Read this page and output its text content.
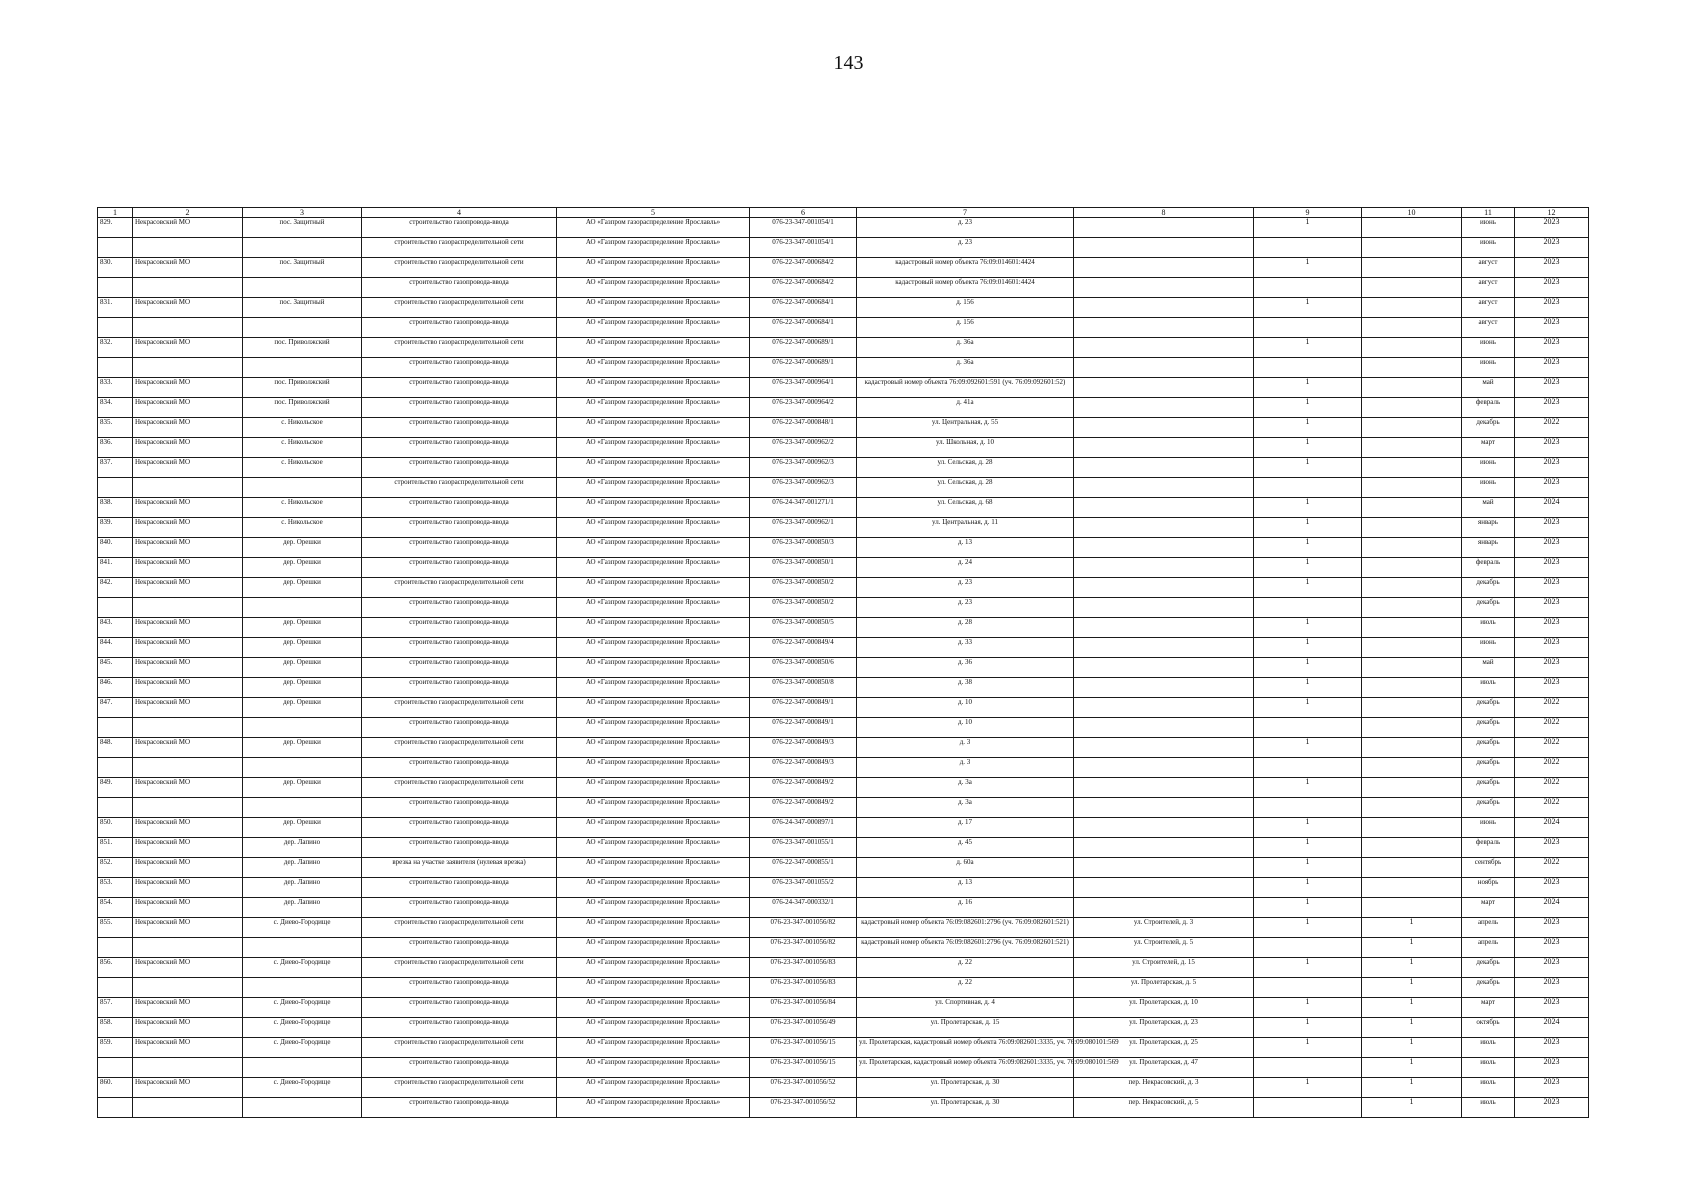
143
1	2	3	4	5	6	7	8	9	10	11	12
829.	Некрасовский МО	пос. Защитный	строительство газопровода-ввода	АО «Газпром газораспределение Ярославль»	076-23-347-001054/1	д. 23		1		июнь	2023
			строительство газораспределительной сети	АО «Газпром газораспределение Ярославль»	076-23-347-001054/1	д. 23				июнь	2023
830.	Некрасовский МО	пос. Защитный	строительство газораспределительной сети	АО «Газпром газораспределение Ярославль»	076-22-347-000684/2	кадастровый номер объекта 76:09:014601:4424		1		август	2023
			строительство газопровода-ввода	АО «Газпром газораспределение Ярославль»	076-22-347-000684/2	кадастровый номер объекта 76:09:014601:4424				август	2023
831.	Некрасовский МО	пос. Защитный	строительство газораспределительной сети	АО «Газпром газораспределение Ярославль»	076-22-347-000684/1	д. 156		1		август	2023
			строительство газопровода-ввода	АО «Газпром газораспределение Ярославль»	076-22-347-000684/1	д. 156				август	2023
832.	Некрасовский МО	пос. Приволжский	строительство газораспределительной сети	АО «Газпром газораспределение Ярославль»	076-22-347-000689/1	д. 36а		1		июнь	2023
			строительство газопровода-ввода	АО «Газпром газораспределение Ярославль»	076-22-347-000689/1	д. 36а				июнь	2023
833.	Некрасовский МО	пос. Приволжский	строительство газопровода-ввода	АО «Газпром газораспределение Ярославль»	076-23-347-000964/1	кадастровый номер объекта 76:09:092601:591 (уч. 76:09:092601:52)		1		май	2023
834.	Некрасовский МО	пос. Приволжский	строительство газопровода-ввода	АО «Газпром газораспределение Ярославль»	076-23-347-000964/2	д. 41а		1		февраль	2023
835.	Некрасовский МО	с. Никольское	строительство газопровода-ввода	АО «Газпром газораспределение Ярославль»	076-22-347-000848/1	ул. Центральная, д. 55		1		декабрь	2022
836.	Некрасовский МО	с. Никольское	строительство газопровода-ввода	АО «Газпром газораспределение Ярославль»	076-23-347-000962/2	ул. Школьная, д. 10		1		март	2023
837.	Некрасовский МО	с. Никольское	строительство газопровода-ввода	АО «Газпром газораспределение Ярославль»	076-23-347-000962/3	ул. Сельская, д. 28		1		июнь	2023
			строительство газораспределительной сети	АО «Газпром газораспределение Ярославль»	076-23-347-000962/3	ул. Сельская, д. 28				июнь	2023
838.	Некрасовский МО	с. Никольское	строительство газопровода-ввода	АО «Газпром газораспределение Ярославль»	076-24-347-001271/1	ул. Сельская, д. 68		1		май	2024
839.	Некрасовский МО	с. Никольское	строительство газопровода-ввода	АО «Газпром газораспределение Ярославль»	076-23-347-000962/1	ул. Центральная, д. 11		1		январь	2023
840.	Некрасовский МО	дер. Орешки	строительство газопровода-ввода	АО «Газпром газораспределение Ярославль»	076-23-347-000850/3	д. 13		1		январь	2023
841.	Некрасовский МО	дер. Орешки	строительство газопровода-ввода	АО «Газпром газораспределение Ярославль»	076-23-347-000850/1	д. 24		1		февраль	2023
842.	Некрасовский МО	дер. Орешки	строительство газораспределительной сети	АО «Газпром газораспределение Ярославль»	076-23-347-000850/2	д. 23		1		декабрь	2023
			строительство газопровода-ввода	АО «Газпром газораспределение Ярославль»	076-23-347-000850/2	д. 23				декабрь	2023
843.	Некрасовский МО	дер. Орешки	строительство газопровода-ввода	АО «Газпром газораспределение Ярославль»	076-23-347-000850/5	д. 28		1		июль	2023
844.	Некрасовский МО	дер. Орешки	строительство газопровода-ввода	АО «Газпром газораспределение Ярославль»	076-22-347-000849/4	д. 33		1		июнь	2023
845.	Некрасовский МО	дер. Орешки	строительство газопровода-ввода	АО «Газпром газораспределение Ярославль»	076-23-347-000850/6	д. 36		1		май	2023
846.	Некрасовский МО	дер. Орешки	строительство газопровода-ввода	АО «Газпром газораспределение Ярославль»	076-23-347-000850/8	д. 38		1		июль	2023
847.	Некрасовский МО	дер. Орешки	строительство газораспределительной сети	АО «Газпром газораспределение Ярославль»	076-22-347-000849/1	д. 10		1		декабрь	2022
			строительство газопровода-ввода	АО «Газпром газораспределение Ярославль»	076-22-347-000849/1	д. 10				декабрь	2022
848.	Некрасовский МО	дер. Орешки	строительство газораспределительной сети	АО «Газпром газораспределение Ярославль»	076-22-347-000849/3	д. 3		1		декабрь	2022
			строительство газопровода-ввода	АО «Газпром газораспределение Ярославль»	076-22-347-000849/3	д. 3				декабрь	2022
849.	Некрасовский МО	дер. Орешки	строительство газораспределительной сети	АО «Газпром газораспределение Ярославль»	076-22-347-000849/2	д. 3а		1		декабрь	2022
			строительство газопровода-ввода	АО «Газпром газораспределение Ярославль»	076-22-347-000849/2	д. 3а				декабрь	2022
850.	Некрасовский МО	дер. Орешки	строительство газопровода-ввода	АО «Газпром газораспределение Ярославль»	076-24-347-000897/1	д. 17		1		июнь	2024
851.	Некрасовский МО	дер. Лапино	строительство газопровода-ввода	АО «Газпром газораспределение Ярославль»	076-23-347-001055/1	д. 45		1		февраль	2023
852.	Некрасовский МО	дер. Лапино	врезка на участке заявителя (нулевая врезка)	АО «Газпром газораспределение Ярославль»	076-22-347-000855/1	д. 60а		1		сентябрь	2022
853.	Некрасовский МО	дер. Лапино	строительство газопровода-ввода	АО «Газпром газораспределение Ярославль»	076-23-347-001055/2	д. 13		1		ноябрь	2023
854.	Некрасовский МО	дер. Лапино	строительство газопровода-ввода	АО «Газпром газораспределение Ярославль»	076-24-347-000332/1	д. 16		1		март	2024
855.	Некрасовский МО	с. Диево-Городище	строительство газораспределительной сети	АО «Газпром газораспределение Ярославль»	076-23-347-001056/82	кадастровый номер объекта 76:09:082601:2796 (уч. 76:09:082601:521)	ул. Строителей, д. 3	1	1	апрель	2023
			строительство газопровода-ввода	АО «Газпром газораспределение Ярославль»	076-23-347-001056/82	кадастровый номер объекта 76:09:082601:2796 (уч. 76:09:082601:521)	ул. Строителей, д. 5		1	апрель	2023
856.	Некрасовский МО	с. Диево-Городище	строительство газораспределительной сети	АО «Газпром газораспределение Ярославль»	076-23-347-001056/83	д. 22	ул. Строителей, д. 15	1	1	декабрь	2023
			строительство газопровода-ввода	АО «Газпром газораспределение Ярославль»	076-23-347-001056/83	д. 22	ул. Пролетарская, д. 5		1	декабрь	2023
857.	Некрасовский МО	с. Диево-Городище	строительство газопровода-ввода	АО «Газпром газораспределение Ярославль»	076-23-347-001056/84	ул. Спортивная, д. 4	ул. Пролетарская, д. 10	1	1	март	2023
858.	Некрасовский МО	с. Диево-Городище	строительство газопровода-ввода	АО «Газпром газораспределение Ярославль»	076-23-347-001056/49	ул. Пролетарская, д. 15	ул. Пролетарская, д. 23	1	1	октябрь	2024
859.	Некрасовский МО	с. Диево-Городище	строительство газораспределительной сети	АО «Газпром газораспределение Ярославль»	076-23-347-001056/15	ул. Пролетарская, кадастровый номер объекта 76:09:082601:3335, уч. 76:09:080101:569	ул. Пролетарская, д. 25	1	1	июль	2023
			строительство газопровода-ввода	АО «Газпром газораспределение Ярославль»	076-23-347-001056/15	ул. Пролетарская, кадастровый номер объекта 76:09:082601:3335, уч. 76:09:080101:569	ул. Пролетарская, д. 47		1	июль	2023
860.	Некрасовский МО	с. Диево-Городище	строительство газораспределительной сети	АО «Газпром газораспределение Ярославль»	076-23-347-001056/52	ул. Пролетарская, д. 30	пер. Некрасовский, д. 3	1	1	июль	2023
			строительство газопровода-ввода	АО «Газпром газораспределение Ярославль»	076-23-347-001056/52	ул. Пролетарская, д. 30	пер. Некрасовский, д. 5		1	июль	2023
